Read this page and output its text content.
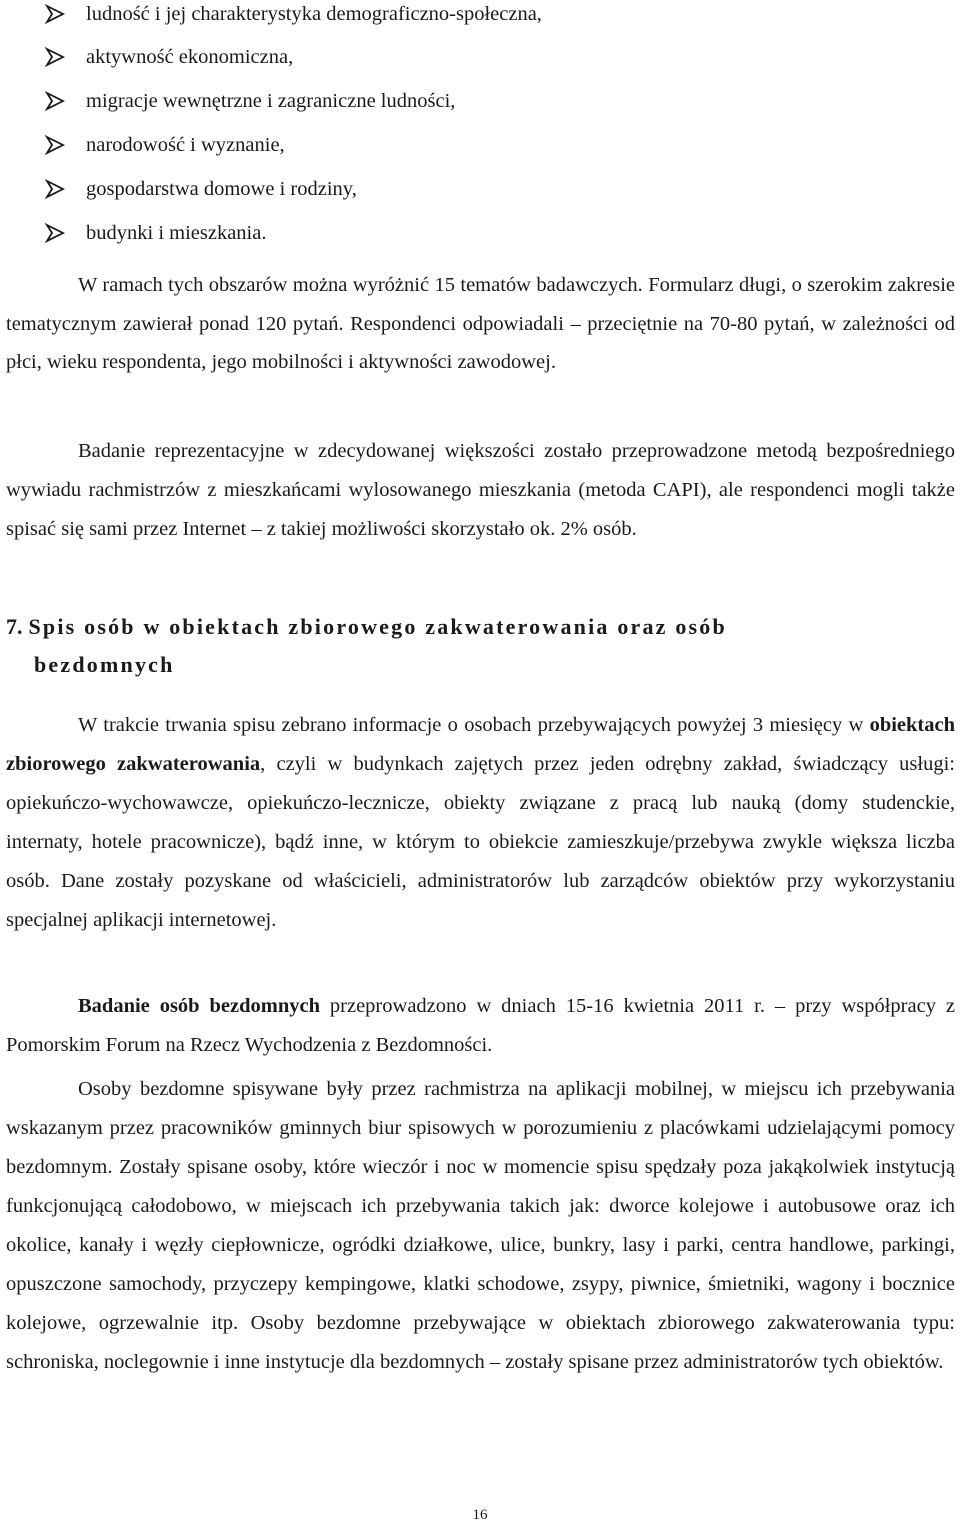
ludność i jej charakterystyka demograficzno-społeczna,
aktywność ekonomiczna,
migracje wewnętrzne i zagraniczne ludności,
narodowość i wyznanie,
gospodarstwa domowe i rodziny,
budynki i mieszkania.

W ramach tych obszarów można wyróżnić 15 tematów badawczych. Formularz długi, o szerokim zakresie tematycznym zawierał ponad 120 pytań. Respondenci odpowiadali – przeciętnie na 70-80 pytań, w zależności od płci, wieku respondenta, jego mobilności i aktywności zawodowej.

Badanie reprezentacyjne w zdecydowanej większości zostało przeprowadzone metodą bezpośredniego wywiadu rachmistrzów z mieszkańcami wylosowanego mieszkania (metoda CAPI), ale respondenci mogli także spisać się sami przez Internet – z takiej możliwości skorzystało ok. 2% osób.

7. Spis osób w obiektach zbiorowego zakwaterowania oraz osób
bezdomnych

W trakcie trwania spisu zebrano informacje o osobach przebywających powyżej 3 miesięcy w obiektach zbiorowego zakwaterowania, czyli w budynkach zajętych przez jeden odrębny zakład, świadczący usługi: opiekuńczo-wychowawcze, opiekuńczo-lecznicze, obiekty związane z pracą lub nauką (domy studenckie, internaty, hotele pracownicze), bądź inne, w którym to obiekcie zamieszkuje/przebywa zwykle większa liczba osób. Dane zostały pozyskane od właścicieli, administratorów lub zarządców obiektów przy wykorzystaniu specjalnej aplikacji internetowej.

Badanie osób bezdomnych przeprowadzono w dniach 15-16 kwietnia 2011 r. – przy współpracy z Pomorskim Forum na Rzecz Wychodzenia z Bezdomności.

Osoby bezdomne spisywane były przez rachmistrza na aplikacji mobilnej, w miejscu ich przebywania wskazanym przez pracowników gminnych biur spisowych w porozumieniu z placówkami udzielającymi pomocy bezdomnym. Zostały spisane osoby, które wieczór i noc w momencie spisu spędzały poza jakąkolwiek instytucją funkcjonującą całodobowo, w miejscach ich przebywania takich jak: dworce kolejowe i autobusowe oraz ich okolice, kanały i węzły ciepłownicze, ogródki działkowe, ulice, bunkry, lasy i parki, centra handlowe, parkingi, opuszczone samochody, przyczepy kempingowe, klatki schodowe, zsypy, piwnice, śmietniki, wagony i bocznice kolejowe, ogrzewalnie itp. Osoby bezdomne przebywające w obiektach zbiorowego zakwaterowania typu: schroniska, noclegownie i inne instytucje dla bezdomnych – zostały spisane przez administratorów tych obiektów.

16
